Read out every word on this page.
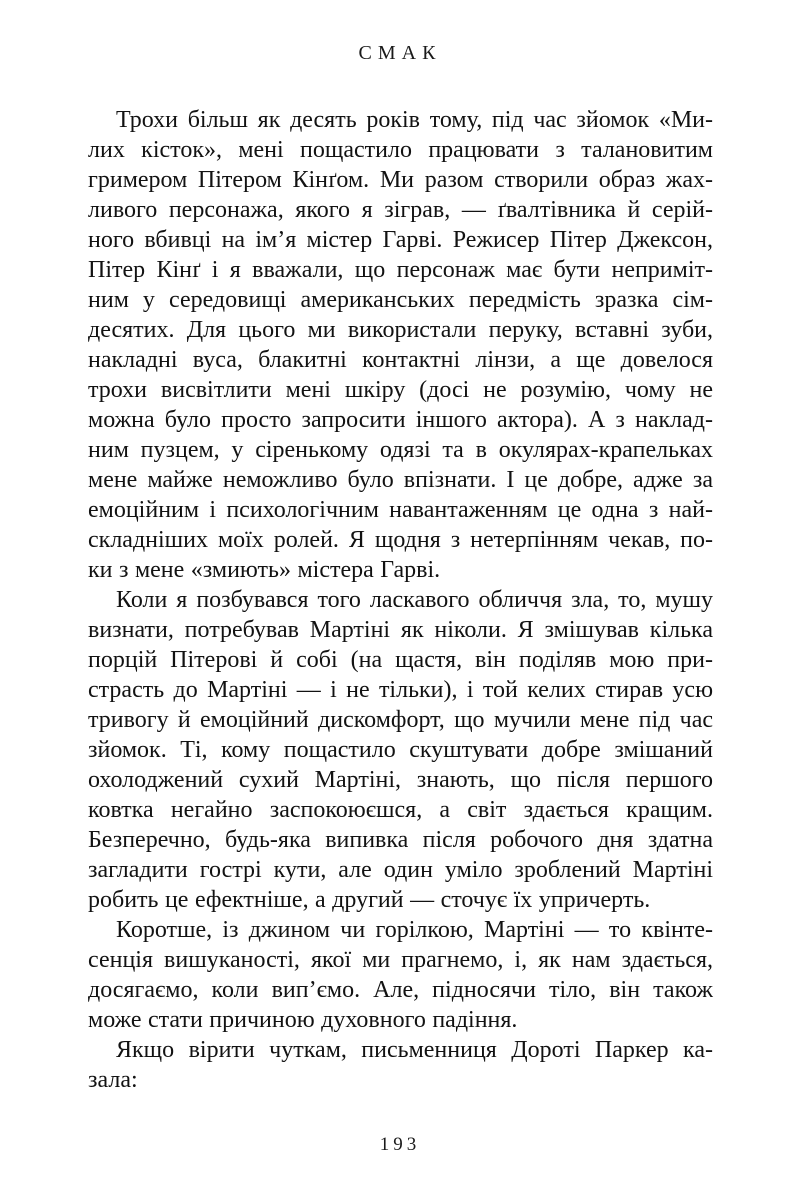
СМАК
Трохи більш як десять років тому, під час зйомок «Ми-
лих кісток», мені пощастило працювати з талановитим
гримером Пітером Кінґом. Ми разом створили образ жах-
ливого персонажа, якого я зіграв, — ґвалтівника й серій-
ного вбивці на ім’я містер Гарві. Режисер Пітер Джексон,
Пітер Кінґ і я вважали, що персонаж має бути непримiт-
ним у середовищі американських передмість зразка сім-
десятих. Для цього ми використали перуку, вставні зуби,
накладні вуса, блакитні контактні лінзи, а ще довелося
трохи висвітлити мені шкіру (досі не розумію, чому не
можна було просто запросити іншого актора). А з наклад-
ним пузцем, у сіренькому одязі та в окулярах-крапельках
мене майже неможливо було впізнати. І це добре, адже за
емоційним і психологічним навантаженням це одна з най-
складніших моїх ролей. Я щодня з нетерпінням чекав, по-
ки з мене «змиють» містера Гарві.
Коли я позбувався того ласкавого обличчя зла, то, мушу
визнати, потребував Мартіні як ніколи. Я змішував кілька
порцій Пітерові й собі (на щастя, він поділяв мою при-
страсть до Мартіні — і не тільки), і той келих стирав усю
тривогу й емоційний дискомфорт, що мучили мене під час
зйомок. Ті, кому пощастило скуштувати добре змішаний
охолоджений сухий Мартіні, знають, що після першого
ковтка негайно заспокоюєшся, а світ здається кращим.
Безперечно, будь-яка випивка після робочого дня здатна
загладити гострі кути, але один уміло зроблений Мартіні
робить це ефектніше, а другий — сточує їх упричерть.
Коротше, із джином чи горілкою, Мартіні — то квінте-
сенція вишуканості, якої ми прагнемо, і, як нам здається,
досягаємо, коли вип’ємо. Але, підносячи тіло, він також
може стати причиною духовного падіння.
Якщо вірити чуткам, письменниця Дороті Паркер ка-
зала:
193
